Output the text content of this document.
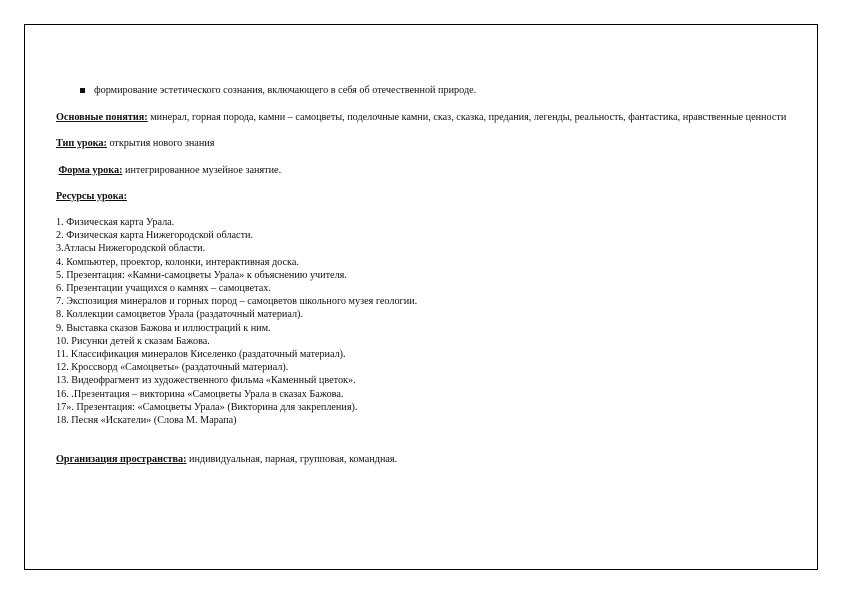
формирование эстетического сознания, включающего в себя об отечественной природе.

Основные понятия: минерал, горная порода, камни – самоцветы, поделочные камни, сказ, сказка, предания, легенды, реальность, фантастика, нравственные ценности

Тип урока: открытия нового знания

Форма урока: интегрированное музейное занятие.

Ресурсы урока:

1. Физическая карта Урала.
2. Физическая карта Нижегородской области.
3.Атласы Нижегородской области.
4. Компьютер, проектор, колонки, интерактивная доска.
5. Презентация: «Камни-самоцветы Урала» к объяснению учителя.
6. Презентации учащихся о камнях – самоцветах.
7. Экспозиция минералов и горных пород – самоцветов школьного музея геологии.
8. Коллекции самоцветов Урала (раздаточный материал).
9. Выставка сказов Бажова и иллюстраций к ним.
10. Рисунки детей к сказам Бажова.
11. Классификация минералов Киселенко (раздаточный материал).
12. Кроссворд «Самоцветы» (раздаточный материал).
13. Видеофрагмент из художественного фильма «Каменный цветок».
16. .Презентация – викторина «Самоцветы Урала в сказах Бажова.
17». Презентация: «Самоцветы Урала» (Викторина для закрепления).
18. Песня «Искатели» (Слова М. Марапа)

Организация пространства: индивидуальная, парная, групповая, командная.
